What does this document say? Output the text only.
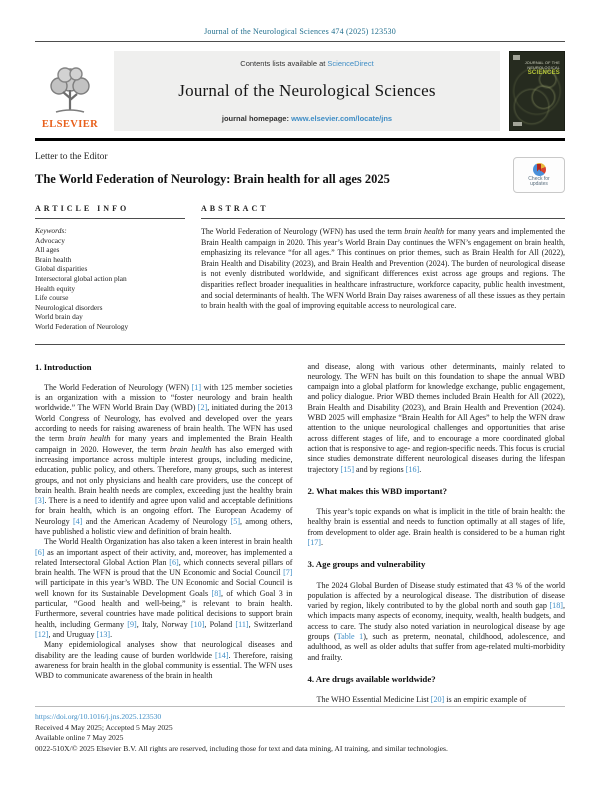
Journal of the Neurological Sciences 474 (2025) 123530
ELSEVIER
Contents lists available at ScienceDirect
Journal of the Neurological Sciences
journal homepage: www.elsevier.com/locate/jns
JOURNAL OF THE
NEUROLOGICAL
SCIENCES
Letter to the Editor
The World Federation of Neurology: Brain health for all ages 2025	Check for
updates
ARTICLE INFO
Keywords:
Advocacy
All ages
Brain health
Global disparities
Intersectoral global action plan
Health equity
Life course
Neurological disorders
World brain day
World Federation of Neurology
ABSTRACT

The World Federation of Neurology (WFN) has used the term brain health for many years and implemented the Brain Health campaign in 2020. This year’s World Brain Day continues the WFN’s engagement on brain health, emphasizing its relevance “for all ages.” This continues on prior themes, such as Brain Health for All (2022), Brain Health and Disability (2023), and Brain Health and Prevention (2024). The burden of neurological disease is not evenly distributed worldwide, and significant differences exist across age groups and regions. The disparities reflect broader inequalities in healthcare infrastructure, workforce capacity, public health investment, and social determinants of health. The WFN World Brain Day raises awareness of all these issues as they pertain to brain health with the goal of improving equitable access to neurological care.

1. Introduction

The World Federation of Neurology (WFN) [1] with 125 member societies is an organization with a mission to “foster neurology and brain health worldwide.” The WFN World Brain Day (WBD) [2], initiated during the 2013 World Congress of Neurology, has evolved and developed over the years according to needs for raising awareness of brain health. The WFN has used the term brain health for many years and implemented the Brain Health campaign in 2020. However, the term brain health has also emerged with increasing importance across multiple interest groups, including medicine, education, public policy, and others. Therefore, many groups, such as interest groups, and not only physicians and health care providers, use the concept of brain health. Brain health needs are complex, exceeding just the healthy brain [3]. There is a need to identify and agree upon valid and acceptable definitions for brain health, which is an ongoing effort. The European Academy of Neurology [4] and the American Academy of Neurology [5], among others, have published a holistic view and definition of brain health.

The World Health Organization has also taken a keen interest in brain health [6] as an important aspect of their activity, and, moreover, has implemented a related Intersectoral Global Action Plan [6], which connects several pillars of brain health. The WFN is proud that the UN Economic and Social Council [7] will participate in this year’s WBD. The UN Economic and Social Council is well known for its Sustainable Development Goals [8], of which Goal 3 in particular, “Good health and well-being,” is relevant to brain health. Furthermore, several countries have made political decisions to support brain health, including Germany [9], Italy, Norway [10], Poland [11], Switzerland [12], and Uruguay [13].

Many epidemiological analyses show that neurological diseases and disability are the leading cause of burden worldwide [14]. Therefore, raising awareness for brain health in the global community is essential. The WFN uses WBD to communicate awareness of the brain in health

and disease, along with various other determinants, mainly related to neurology. The WFN has built on this foundation to shape the annual WBD campaign into a global platform for knowledge exchange, public engagement, and policy dialogue. Prior WBD themes included Brain Health for All (2022), Brain Health and Disability (2023), and Brain Health and Prevention (2024). WBD 2025 will emphasize “Brain Health for All Ages” to help the WFN draw attention to the unique neurological challenges and opportunities that arise across different stages of life, and to encourage a more coordinated global action that is responsive to age- and region-specific needs. This focus is crucial since studies demonstrate different neurological diseases during the lifespan trajectory [15] and by regions [16].

2. What makes this WBD important?

This year’s topic expands on what is implicit in the title of brain health: the healthy brain is essential and needs to function optimally at all stages of life, from development to older age. Brain health is considered to be a human right [17].

3. Age groups and vulnerability

The 2024 Global Burden of Disease study estimated that 43 % of the world population is affected by a neurological disease. The distribution of disease varied by region, likely contributed to by the global north and south gap [18], which impacts many aspects of economy, inequity, wealth, health budgets, and access to care. The study also noted variation in neurological disease by age groups (Table 1), such as preterm, neonatal, childhood, adolescence, and adulthood, as well as older adults that suffer from age-related multi-morbidity and frailty.

4. Are drugs available worldwide?

The WHO Essential Medicine List [20] is an empiric example of

https://doi.org/10.1016/j.jns.2025.123530
Received 4 May 2025; Accepted 5 May 2025
Available online 7 May 2025
0022-510X/© 2025 Elsevier B.V. All rights are reserved, including those for text and data mining, AI training, and similar technologies.
